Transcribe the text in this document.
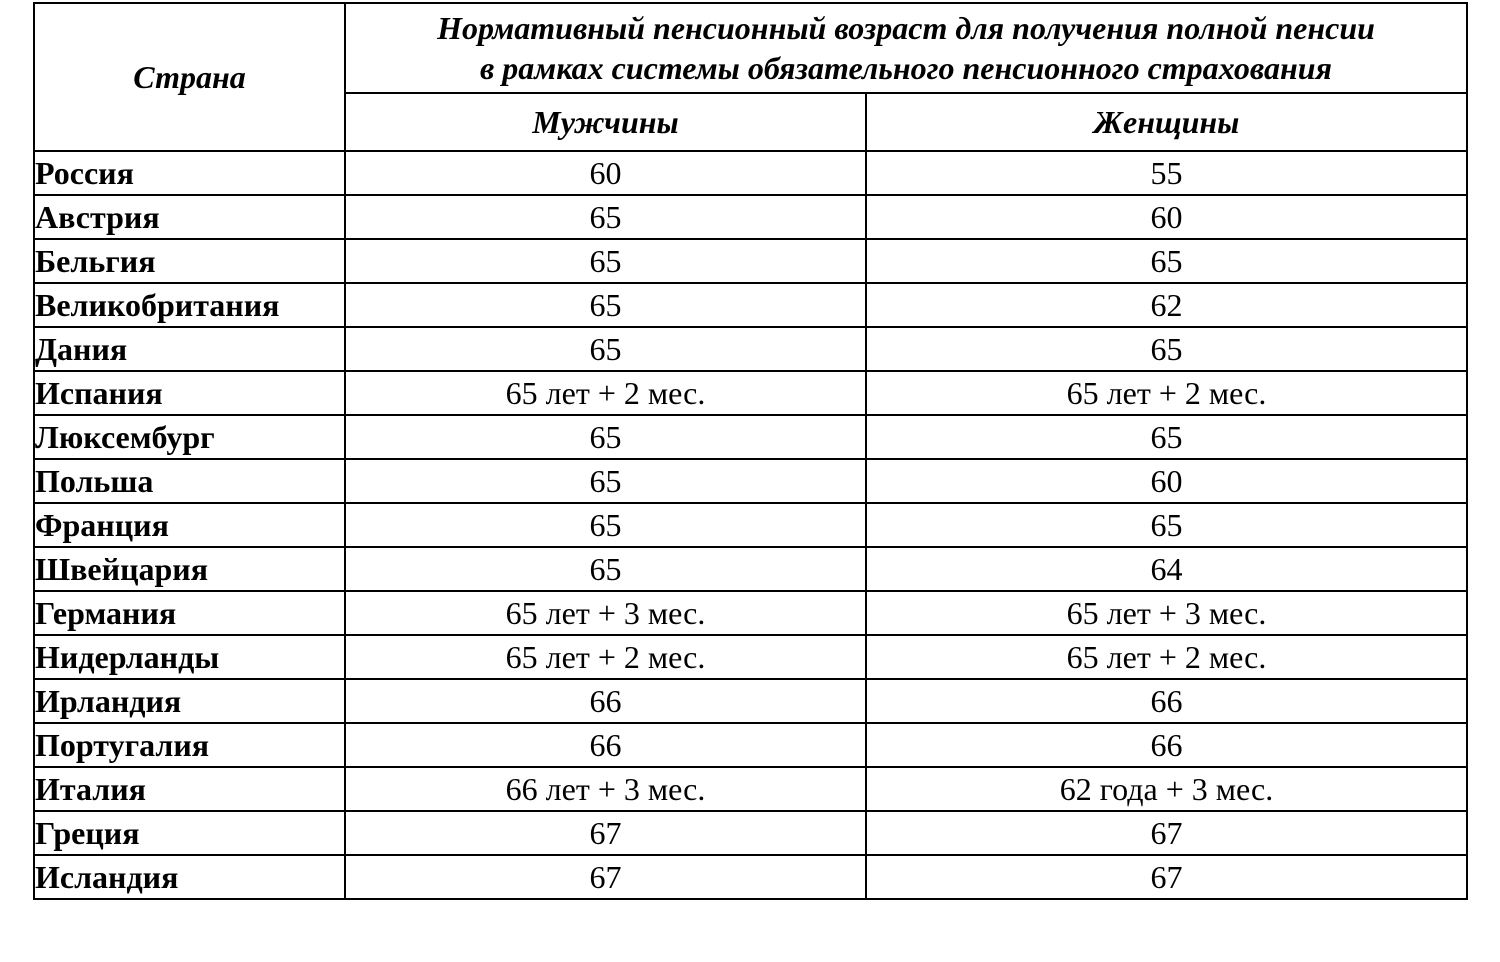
Страна	Нормативный пенсионный возраст для получения полной пенсии
в рамках системы обязательного пенсионного страхования	

	Мужчины	Женщины
Россия	60	55
Австрия	65	60
Бельгия	65	65
Великобритания	65	62
Дания	65	65
Испания	65 лет + 2 мес.	65 лет + 2 мес.
Люксембург	65	65
Польша	65	60
Франция	65	65
Швейцария	65	64
Германия	65 лет + 3 мес.	65 лет + 3 мес.
Нидерланды	65 лет + 2 мес.	65 лет + 2 мес.
Ирландия	66	66
Португалия	66	66
Италия	66 лет + 3 мес.	62 года + 3 мес.
Греция	67	67
Исландия	67	67
